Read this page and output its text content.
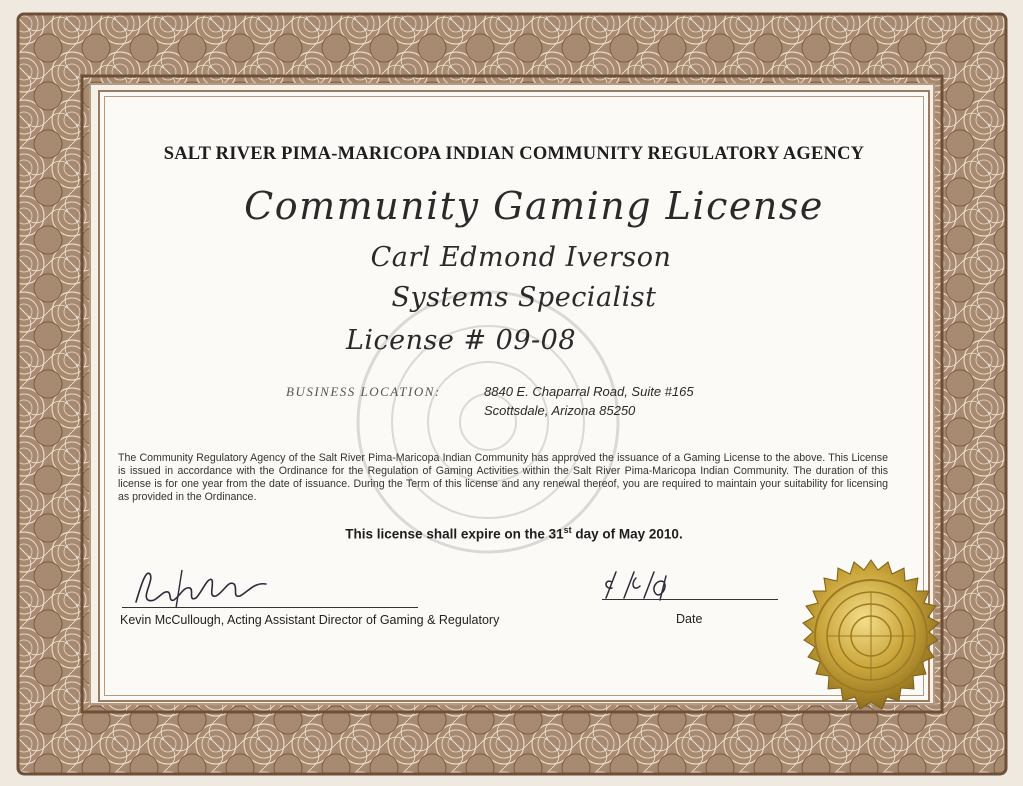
SALT RIVER PIMA-MARICOPA INDIAN COMMUNITY REGULATORY AGENCY
Community Gaming License
Carl Edmond Iverson
Systems Specialist
License # 09-08
BUSINESS LOCATION:	8840 E. Chaparral Road, Suite #165
Scottsdale, Arizona 85250
The Community Regulatory Agency of the Salt River Pima-Maricopa Indian Community has approved the issuance of a Gaming License to the above. This License is issued in accordance with the Ordinance for the Regulation of Gaming Activities within the Salt River Pima-Maricopa Indian Community. The duration of this license is for one year from the date of issuance. During the Term of this license and any renewal thereof, you are required to maintain your suitability for licensing as provided in the Ordinance.
This license shall expire on the 31st day of May 2010.
Kevin McCullough, Acting Assistant Director of Gaming & Regulatory	Date
